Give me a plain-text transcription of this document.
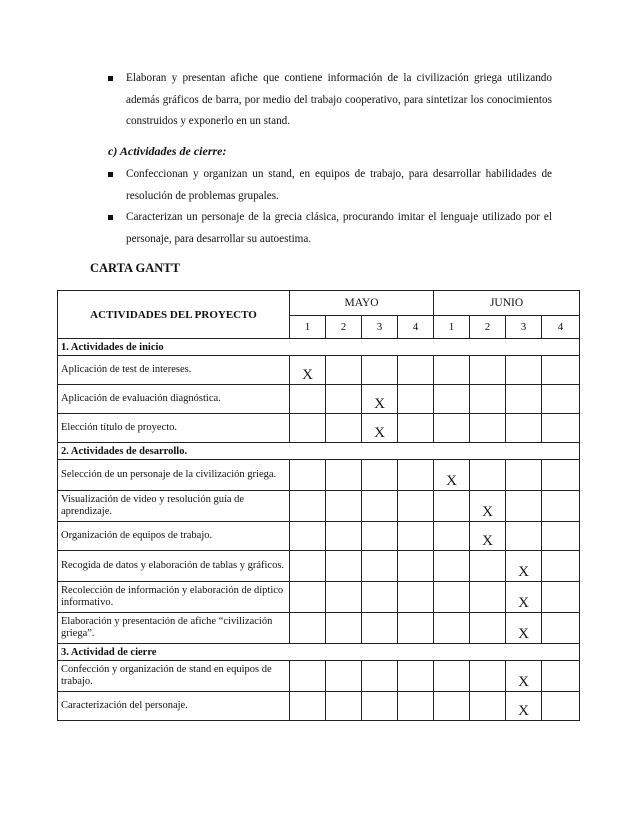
Elaboran y presentan afiche que contiene información de la civilización griega utilizando además gráficos de barra, por medio del trabajo cooperativo, para sintetizar los conocimientos construidos y exponerlo en un stand.
c) Actividades de cierre:
Confeccionan y organizan un stand, en equipos de trabajo, para desarrollar habilidades de resolución de problemas grupales.
Caracterizan un personaje de la grecia clásica, procurando imitar el lenguaje utilizado por el personaje, para desarrollar su autoestima.
CARTA GANTT
ACTIVIDADES DEL PROYECTO	MAYO				JUNIO			
	1	2	3	4	1	2	3	4
1. Actividades de inicio								
Aplicación de test de intereses.	X							
Aplicación de evaluación diagnóstica.			X					
Elección título de proyecto.			X					
2. Actividades de desarrollo.								
Selección de un personaje de la civilización griega.					X			
Visualización de video y resolución guía de aprendizaje.						X		
Organización de equipos de trabajo.						X		
Recogida de datos y elaboración de tablas y gráficos.							X	
Recolección de información y elaboración de díptico informativo.							X	
Elaboración y presentación de afiche “civilización griega”.							X	
3. Actividad de cierre								
Confección y organización de stand en equipos de trabajo.							X	
Caracterización del personaje.							X	
